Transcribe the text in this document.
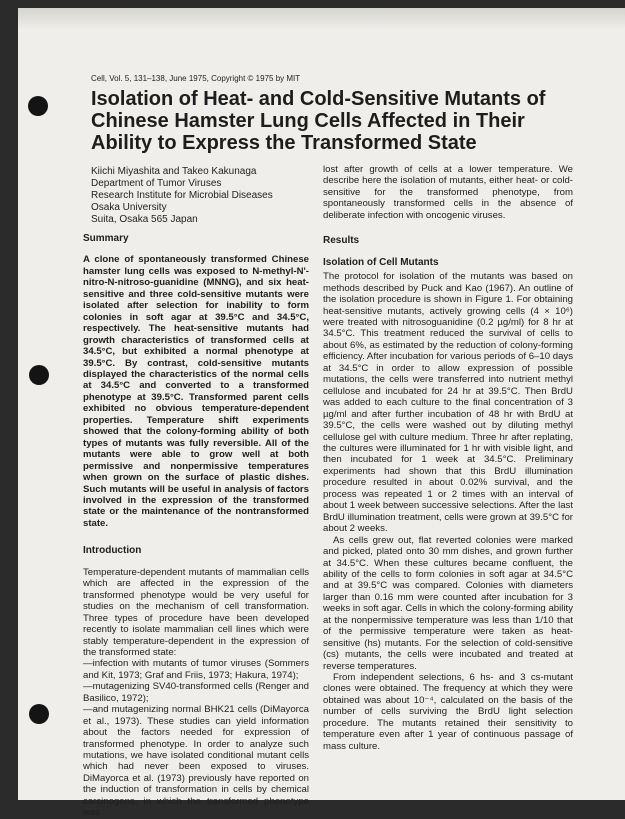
Cell, Vol. 5, 131–138, June 1975, Copyright © 1975 by MIT
Isolation of Heat- and Cold-Sensitive Mutants of Chinese Hamster Lung Cells Affected in Their Ability to Express the Transformed State
Kiichi Miyashita and Takeo Kakunaga
Department of Tumor Viruses
Research Institute for Microbial Diseases
Osaka University
Suita, Osaka 565 Japan
Summary

A clone of spontaneously transformed Chinese hamster lung cells was exposed to N-methyl-N'-nitro-N-nitroso-guanidine (MNNG), and six heat-sensitive and three cold-sensitive mutants were isolated after selection for inability to form colonies in soft agar at 39.5°C and 34.5°C, respectively. The heat-sensitive mutants had growth characteristics of transformed cells at 34.5°C, but exhibited a normal phenotype at 39.5°C. By contrast, cold-sensitive mutants displayed the characteristics of the normal cells at 34.5°C and converted to a transformed phenotype at 39.5°C. Transformed parent cells exhibited no obvious temperature-dependent properties. Temperature shift experiments showed that the colony-forming ability of both types of mutants was fully reversible. All of the mutants were able to grow well at both permissive and nonpermissive temperatures when grown on the surface of plastic dishes. Such mutants will be useful in analysis of factors involved in the expression of the transformed state or the maintenance of the nontransformed state.

Introduction

Temperature-dependent mutants of mammalian cells which are affected in the expression of the transformed phenotype would be very useful for studies on the mechanism of cell transformation. Three types of procedure have been developed recently to isolate mammalian cell lines which were stably temperature-dependent in the expression of the transformed state:

—infection with mutants of tumor viruses (Sommers and Kit, 1973; Graf and Friis, 1973; Hakura, 1974);

—mutagenizing SV40-transformed cells (Renger and Basilico, 1972);

—and mutagenizing normal BHK21 cells (DiMayorca et al., 1973). These studies can yield information about the factors needed for expression of transformed phenotype. In order to analyze such mutations, we have isolated conditional mutant cells which had never been exposed to viruses. DiMayorca et al. (1973) previously have reported on the induction of transformation in cells by chemical carcinogens, in which the transformed phenotype was

lost after growth of cells at a lower temperature. We describe here the isolation of mutants, either heat- or cold-sensitive for the transformed phenotype, from spontaneously transformed cells in the absence of deliberate infection with oncogenic viruses.

Results
Isolation of Cell Mutants

The protocol for isolation of the mutants was based on methods described by Puck and Kao (1967). An outline of the isolation procedure is shown in Figure 1. For obtaining heat-sensitive mutants, actively growing cells (4 × 10⁶) were treated with nitrosoguanidine (0.2 µg/ml) for 8 hr at 34.5°C. This treatment reduced the survival of cells to about 6%, as estimated by the reduction of colony-forming efficiency. After incubation for various periods of 6–10 days at 34.5°C in order to allow expression of possible mutations, the cells were transferred into nutrient methyl cellulose and incubated for 24 hr at 39.5°C. Then BrdU was added to each culture to the final concentration of 3 µg/ml and after further incubation of 48 hr with BrdU at 39.5°C, the cells were washed out by diluting methyl cellulose gel with culture medium. Three hr after replating, the cultures were illuminated for 1 hr with visible light, and then incubated for 1 week at 34.5°C. Preliminary experiments had shown that this BrdU illumination procedure resulted in about 0.02% survival, and the process was repeated 1 or 2 times with an interval of about 1 week between successive selections. After the last BrdU illumination treatment, cells were grown at 39.5°C for about 2 weeks.

As cells grew out, flat reverted colonies were marked and picked, plated onto 30 mm dishes, and grown further at 34.5°C. When these cultures became confluent, the ability of the cells to form colonies in soft agar at 34.5°C and at 39.5°C was compared. Colonies with diameters larger than 0.16 mm were counted after incubation for 3 weeks in soft agar. Cells in which the colony-forming ability at the nonpermissive temperature was less than 1/10 that of the permissive temperature were taken as heat-sensitive (hs) mutants. For the selection of cold-sensitive (cs) mutants, the cells were incubated and treated at reverse temperatures.

From independent selections, 6 hs- and 3 cs-mutant clones were obtained. The frequency at which they were obtained was about 10⁻⁴, calculated on the basis of the number of cells surviving the BrdU light selection procedure. The mutants retained their sensitivity to temperature even after 1 year of continuous passage of mass culture.
